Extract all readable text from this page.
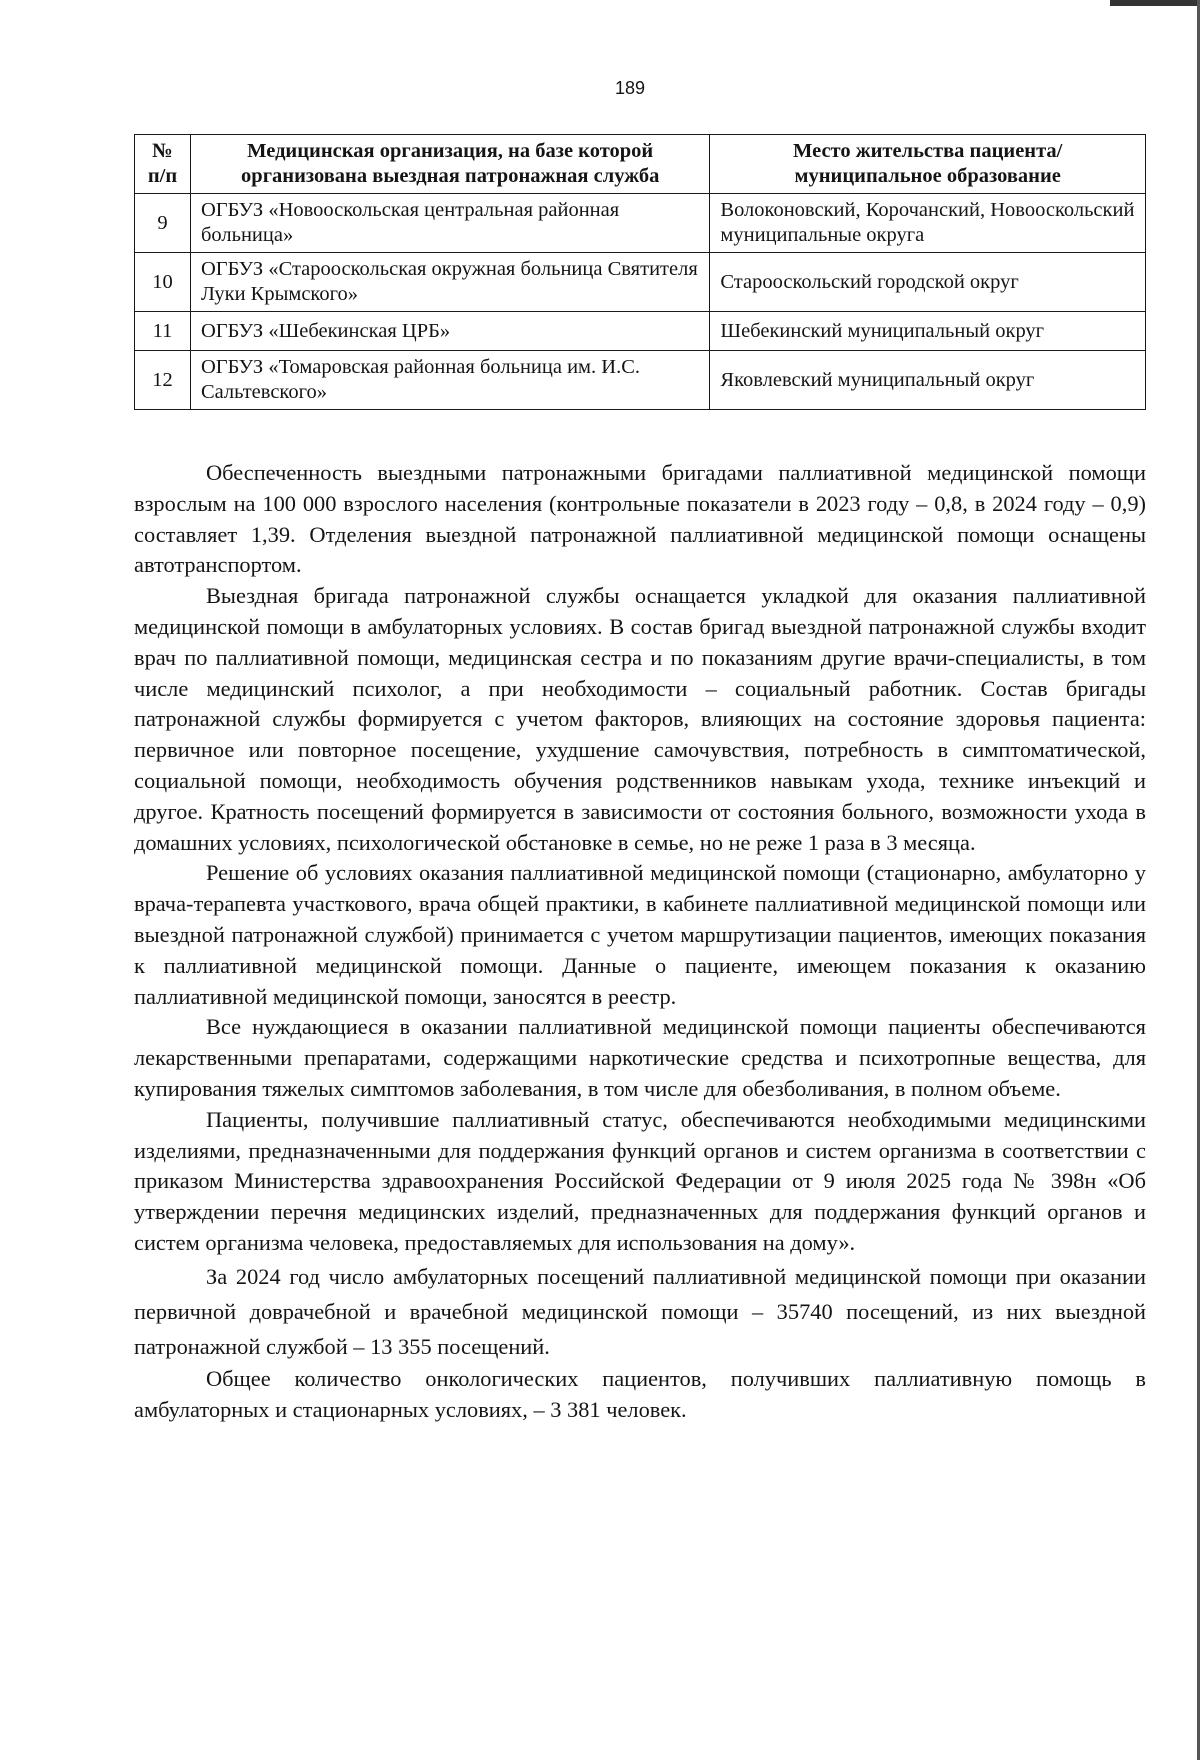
189
№ п/п	Медицинская организация, на базе которой организована выездная патронажная служба	Место жительства пациента/ муниципальное образование
9	ОГБУЗ «Новооскольская центральная районная больница»	Волоконовский, Корочанский, Новооскольский муниципальные округа
10	ОГБУЗ «Старооскольская окружная больница Святителя Луки Крымского»	Старооскольский городской округ
11	ОГБУЗ «Шебекинская ЦРБ»	Шебекинский муниципальный округ
12	ОГБУЗ «Томаровская районная больница им. И.С. Сальтевского»	Яковлевский муниципальный округ

Обеспеченность выездными патронажными бригадами паллиативной медицинской помощи взрослым на 100 000 взрослого населения (контрольные показатели в 2023 году – 0,8, в 2024 году – 0,9) составляет 1,39. Отделения выездной патронажной паллиативной медицинской помощи оснащены автотранспортом.

Выездная бригада патронажной службы оснащается укладкой для оказания паллиативной медицинской помощи в амбулаторных условиях. В состав бригад выездной патронажной службы входит врач по паллиативной помощи, медицинская сестра и по показаниям другие врачи-специалисты, в том числе медицинский психолог, а при необходимости – социальный работник. Состав бригады патронажной службы формируется с учетом факторов, влияющих на состояние здоровья пациента: первичное или повторное посещение, ухудшение самочувствия, потребность в симптоматической, социальной помощи, необходимость обучения родственников навыкам ухода, технике инъекций и другое. Кратность посещений формируется в зависимости от состояния больного, возможности ухода в домашних условиях, психологической обстановке в семье, но не реже 1 раза в 3 месяца.

Решение об условиях оказания паллиативной медицинской помощи (стационарно, амбулаторно у врача-терапевта участкового, врача общей практики, в кабинете паллиативной медицинской помощи или выездной патронажной службой) принимается с учетом маршрутизации пациентов, имеющих показания к паллиативной медицинской помощи. Данные о пациенте, имеющем показания к оказанию паллиативной медицинской помощи, заносятся в реестр.

Все нуждающиеся в оказании паллиативной медицинской помощи пациенты обеспечиваются лекарственными препаратами, содержащими наркотические средства и психотропные вещества, для купирования тяжелых симптомов заболевания, в том числе для обезболивания, в полном объеме.

Пациенты, получившие паллиативный статус, обеспечиваются необходимыми медицинскими изделиями, предназначенными для поддержания функций органов и систем организма в соответствии с приказом Министерства здравоохранения Российской Федерации от 9 июля 2025 года № 398н «Об утверждении перечня медицинских изделий, предназначенных для поддержания функций органов и систем организма человека, предоставляемых для использования на дому».

За 2024 год число амбулаторных посещений паллиативной медицинской помощи при оказании первичной доврачебной и врачебной медицинской помощи – 35740 посещений, из них выездной патронажной службой – 13 355 посещений.

Общее количество онкологических пациентов, получивших паллиативную помощь в амбулаторных и стационарных условиях, – 3 381 человек.
